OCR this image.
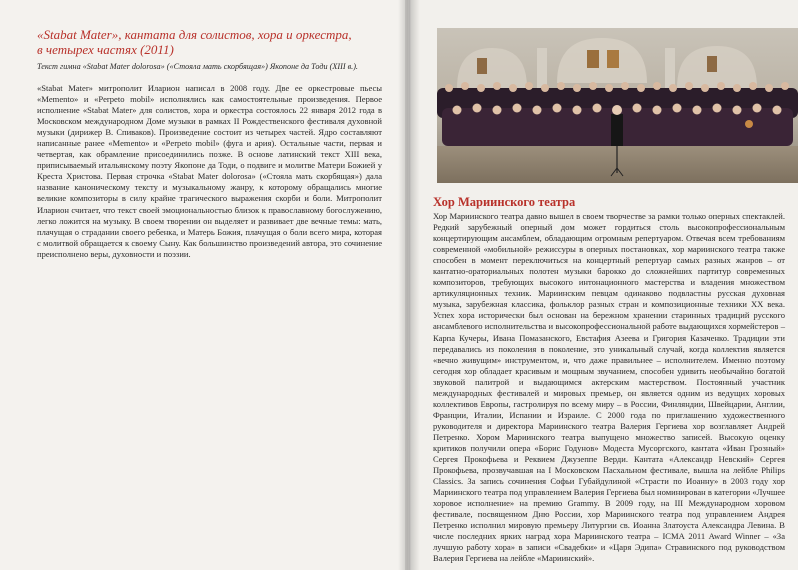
«Stabat Mater», кантата для солистов, хора и оркестра,
в четырех частях (2011)
Текст гимна «Stabat Mater dolorosa» («Стояла мать скорбящая») Якопоне да Тоди (XIII в.).

«Stabat Mater» митрополит Иларион написал в 2008 году. Две ее оркестровые пьесы «Memento» и «Perpeto mobil» исполнялись как самостоятельные произведения. Первое исполнение «Stabat Mater» для солистов, хора и оркестра состоялось 22 января 2012 года в Московском международном Доме музыки в рамках II Рождественского фестиваля духовной музыки (дирижер В. Спиваков). Произведение состоит из четырех частей. Ядро составляют написанные ранее «Memento» и «Perpeto mobil» (фуга и ария). Остальные части, первая и четвертая, как обрамление присоединились позже. В основе латинский текст XIII века, приписываемый итальянскому поэту Якопоне да Тоди, о подвиге и молитве Матери Божией у Креста Христова. Первая строчка «Stabat Mater dolorosa» («Стояла мать скорбящая») дала название каноническому тексту и музыкальному жанру, к которому обращались многие великие композиторы в силу крайне трагического выражения скорби и боли. Митрополит Иларион считает, что текст своей эмоциональностью близок к православному богослужению, легко ложится на музыку. В своем творении он выделяет и развивает две вечные темы: мать, плачущая о страдании своего ребенка, и Матерь Божия, плачущая о боли всего мира, которая с молитвой обращается к своему Сыну. Как большинство произведений автора, это сочинение преисполнено веры, духовности и поэзии.

Хор Мариинского театра

Хор Мариинского театра давно вышел в своем творчестве за рамки только оперных спектаклей. Редкий зарубежный оперный дом может гордиться столь высокопрофессиональным концертирующим ансамблем, обладающим огромным репертуаром. Отвечая всем требованиям современной «мобильной» режиссуры в оперных постановках, хор мариинского театра также способен в момент переключиться на концертный репертуар самых разных жанров – от кантатно-ораториальных полотен музыки барокко до сложнейших партитур современных композиторов, требующих высокого интонационного мастерства и владения множеством артикуляционных техник. Мариинским певцам одинаково подвластны русская духовная музыка, зарубежная классика, фольклор разных стран и композиционные техники XX века. Успех хора исторически был основан на бережном хранении старинных традиций русского ансамблевого исполнительства и высокопрофессиональной работе выдающихся хормейстеров – Карпа Кучеры, Ивана Помазанского, Евстафия Азеева и Григория Казаченко. Традиции эти передавались из поколения в поколение, это уникальный случай, когда коллектив является «вечно живущим» инструментом, и, что даже правильнее – исполнителем. Именно поэтому сегодня хор обладает красивым и мощным звучанием, способен удивить необычайно богатой звуковой палитрой и выдающимся актерским мастерством. Постоянный участник международных фестивалей и мировых премьер, он является одним из ведущих хоровых коллективов Европы, гастролируя по всему миру – в России, Финляндии, Швейцарии, Англии, Франции, Италии, Испании и Израиле. С 2000 года по приглашению художественного руководителя и директора Мариинского театра Валерия Гергиева хор возглавляет Андрей Петренко. Хором Мариинского театра выпущено множество записей. Высокую оценку критиков получили опера «Борис Годунов» Модеста Мусоргского, кантата «Иван Грозный» Сергея Прокофьева и Реквием Джузеппе Верди. Кантата «Александр Невский» Сергея Прокофьева, прозвучавшая на I Московском Пасхальном фестивале, вышла на лейбле Philips Classics. За запись сочинения Софьи Губайдулиной «Страсти по Иоанну» в 2003 году хор Мариинского театра под управлением Валерия Гергиева был номинирован в категории «Лучшее хоровое исполнение» на премию Grammy. В 2009 году, на III Международном хоровом фестивале, посвященном Дню России, хор Мариинского театра под управлением Андрея Петренко исполнил мировую премьеру Литургии св. Иоанна Златоуста Александра Левина. В числе последних ярких наград хора Мариинского театра – ICMA 2011 Award Winner – «За лучшую работу хора» в записи «Свадебки» и «Царя Эдипа» Стравинского под руководством Валерия Гергиева на лейбле «Мариинский».
